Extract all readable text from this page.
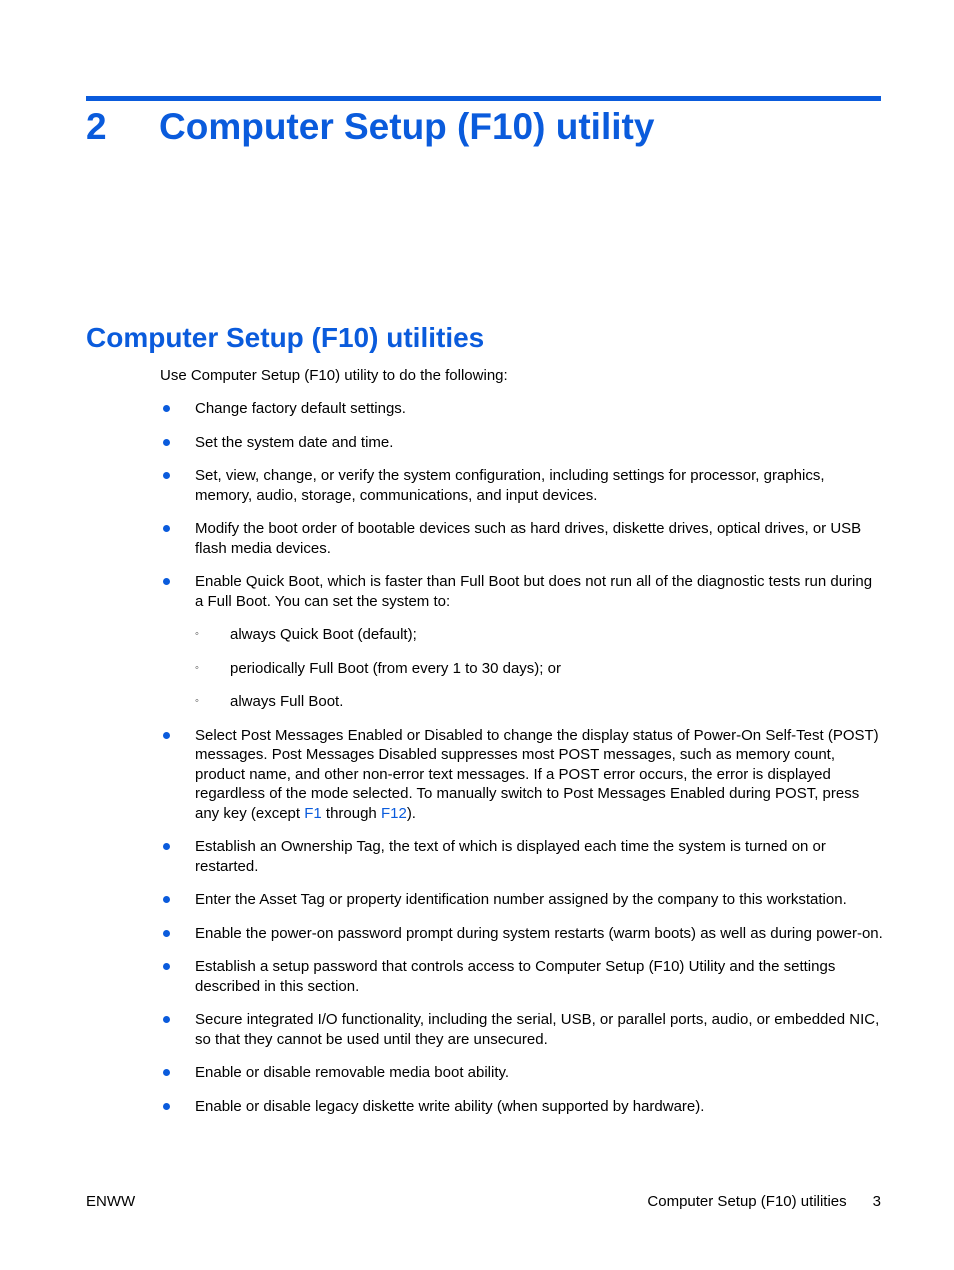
2 Computer Setup (F10) utility
Computer Setup (F10) utilities
Use Computer Setup (F10) utility to do the following:
Change factory default settings.
Set the system date and time.
Set, view, change, or verify the system configuration, including settings for processor, graphics, memory, audio, storage, communications, and input devices.
Modify the boot order of bootable devices such as hard drives, diskette drives, optical drives, or USB flash media devices.
Enable Quick Boot, which is faster than Full Boot but does not run all of the diagnostic tests run during a Full Boot. You can set the system to:
◦ always Quick Boot (default);
◦ periodically Full Boot (from every 1 to 30 days); or
◦ always Full Boot.
Select Post Messages Enabled or Disabled to change the display status of Power-On Self-Test (POST) messages. Post Messages Disabled suppresses most POST messages, such as memory count, product name, and other non-error text messages. If a POST error occurs, the error is displayed regardless of the mode selected. To manually switch to Post Messages Enabled during POST, press any key (except F1 through F12).
Establish an Ownership Tag, the text of which is displayed each time the system is turned on or restarted.
Enter the Asset Tag or property identification number assigned by the company to this workstation.
Enable the power-on password prompt during system restarts (warm boots) as well as during power-on.
Establish a setup password that controls access to Computer Setup (F10) Utility and the settings described in this section.
Secure integrated I/O functionality, including the serial, USB, or parallel ports, audio, or embedded NIC, so that they cannot be used until they are unsecured.
Enable or disable removable media boot ability.
Enable or disable legacy diskette write ability (when supported by hardware).
ENWW	Computer Setup (F10) utilities 3
